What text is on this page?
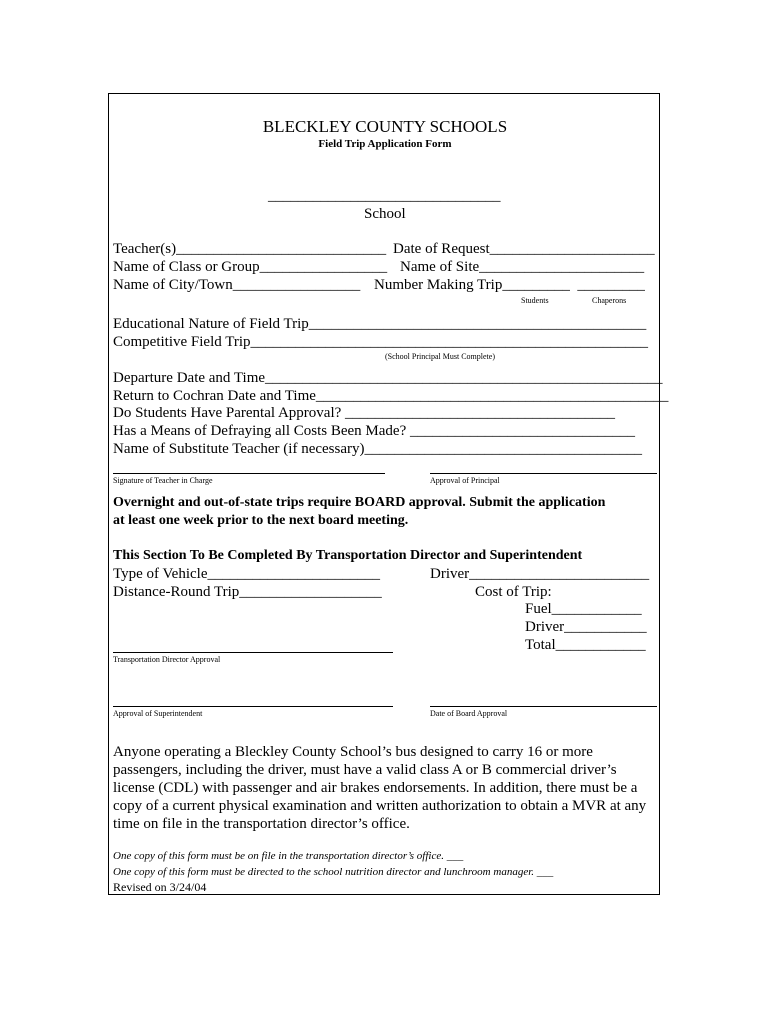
BLECKLEY COUNTY SCHOOLS
Field Trip Application Form
_______________________________
School
Teacher(s)____________________________ Date of Request______________________
Name of Class or Group_________________ Name of Site______________________
Name of City/Town_________________ Number Making Trip_________  _________
Students	Chaperons
Educational Nature of Field Trip_____________________________________________
Competitive Field Trip_____________________________________________________
(School Principal Must Complete)
Departure Date and Time_____________________________________________________
Return to Cochran Date and Time_______________________________________________
Do Students Have Parental Approval? ____________________________________
Has a Means of Defraying all Costs Been Made? ______________________________
Name of Substitute Teacher (if necessary)_____________________________________
Signature of Teacher in Charge	Approval of Principal
Overnight and out-of-state trips require BOARD approval. Submit the application
at least one week prior to the next board meeting.
This Section To Be Completed By Transportation Director and Superintendent
Type of Vehicle_______________________	Driver________________________
Distance-Round Trip___________________	Cost of Trip:
Fuel____________
Driver___________
Total____________
Transportation Director Approval
Approval of Superintendent	Date of Board Approval
Anyone operating a Bleckley County School’s bus designed to carry 16 or more
passengers, including the driver, must have a valid class A or B commercial driver’s
license (CDL) with passenger and air brakes endorsements. In addition, there must be a
copy of a current physical examination and written authorization to obtain a MVR at any
time on file in the transportation director’s office.
One copy of this form must be on file in the transportation director’s office. ___
One copy of this form must be directed to the school nutrition director and lunchroom manager. ___
Revised on 3/24/04
